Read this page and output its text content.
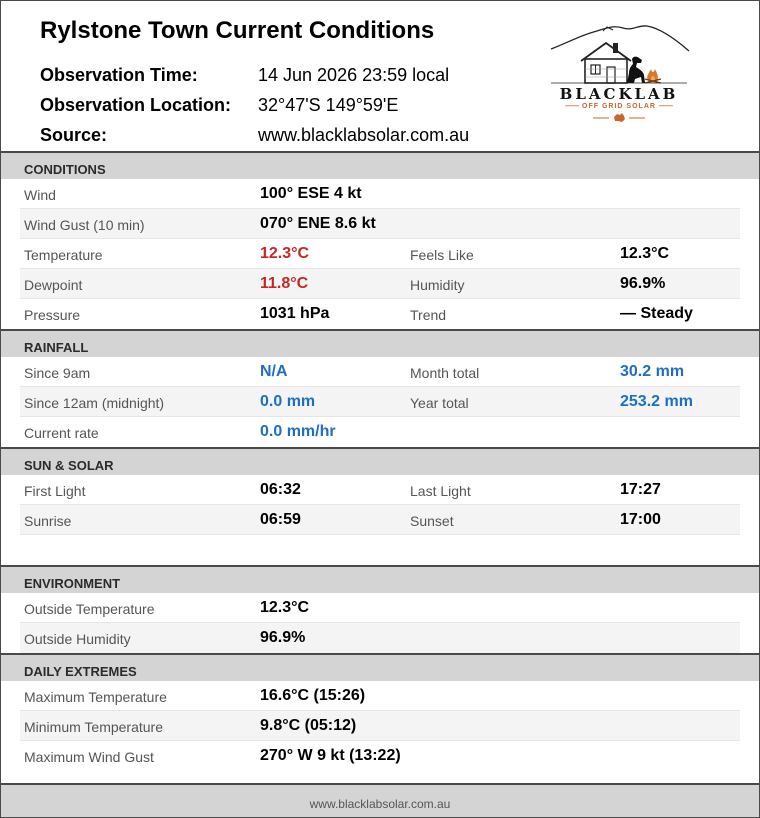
Rylstone Town Current Conditions
Observation Time:	14 Jun 2026 23:59 local
Observation Location: 32°47'S 149°59'E
Source:	www.blacklabsolar.com.au
BLACKLAB
—— OFF GRID SOLAR ——
CONDITIONS
Wind	100° ESE 4 kt
Wind Gust (10 min)	070° ENE 8.6 kt
Temperature	12.3°C	Feels Like	12.3°C
Dewpoint	11.8°C	Humidity	96.9%
Pressure	1031 hPa	Trend	— Steady
RAINFALL
Since 9am	N/A	Month total	30.2 mm
Since 12am (midnight)	0.0 mm	Year total	253.2 mm
Current rate	0.0 mm/hr
SUN & SOLAR
First Light	06:32	Last Light	17:27
Sunrise	06:59	Sunset	17:00
ENVIRONMENT
Outside Temperature	12.3°C
Outside Humidity	96.9%
DAILY EXTREMES
Maximum Temperature	16.6°C (15:26)
Minimum Temperature	9.8°C (05:12)
Maximum Wind Gust	270° W 9 kt (13:22)
www.blacklabsolar.com.au
